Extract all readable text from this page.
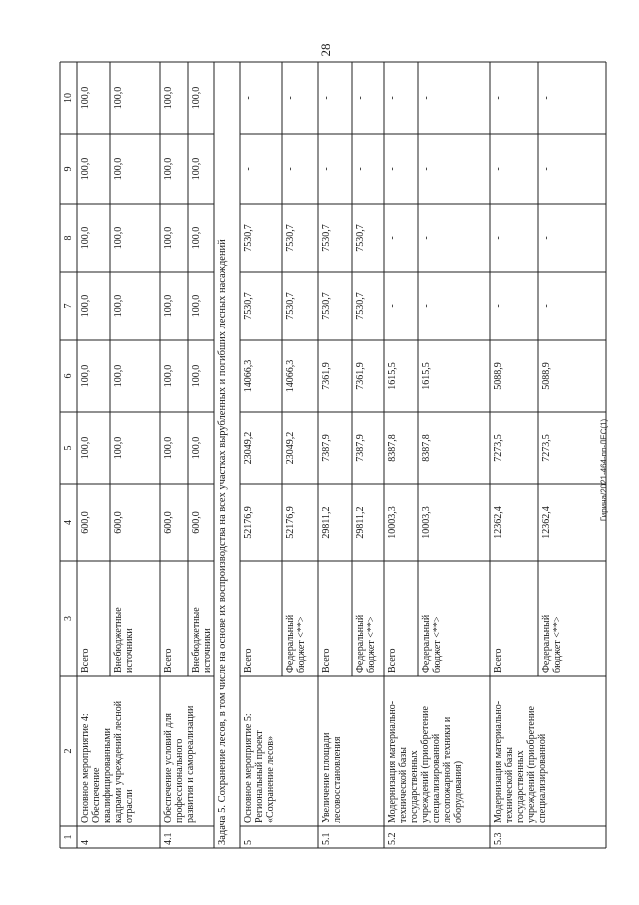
28
Гирина/2021-464-пп-ЛЕС(1)
1
2
3
4
5
6
7
8
9
10
Задача 5. Сохранение лесов, в том числе на основе их воспроизводства на всех участках вырубленных и погибших лесных насаждений
4
Основное мероприятие 4:
Обеспечение
квалифицированными
кадрами учреждений лесной
отрасли
Всего
600,0
100,0
100,0
100,0
100,0
100,0
100,0
Внебюджетные
источники
600,0
100,0
100,0
100,0
100,0
100,0
100,0
4.1
Обеспечение условий для
профессионального
развития и самореализации
Всего
600,0
100,0
100,0
100,0
100,0
100,0
100,0
Внебюджетные
источники
600,0
100,0
100,0
100,0
100,0
100,0
100,0
5
Основное мероприятие 5:
Региональный проект
«Сохранение лесов»
Всего
52176,9
23049,2
14066,3
7530,7
7530,7
-
-
Федеральный
бюджет <**>
52176,9
23049,2
14066,3
7530,7
7530,7
-
-
5.1
Увеличение площади
лесовосстановления
Всего
29811,2
7387,9
7361,9
7530,7
7530,7
-
-
Федеральный
бюджет <**>
29811,2
7387,9
7361,9
7530,7
7530,7
-
-
5.2
Модернизация материально-
технической базы
государственных
учреждений (приобретение
специализированной
лесопожарной техники и
оборудования)
Всего
10003,3
8387,8
1615,5
-
-
-
-
Федеральный
бюджет <**>
10003,3
8387,8
1615,5
-
-
-
-
5.3
Модернизация материально-
технической базы
государственных
учреждений (приобретение
специализированной
Всего
12362,4
7273,5
5088,9
-
-
-
-
Федеральный
бюджет <**>
12362,4
7273,5
5088,9
-
-
-
-
